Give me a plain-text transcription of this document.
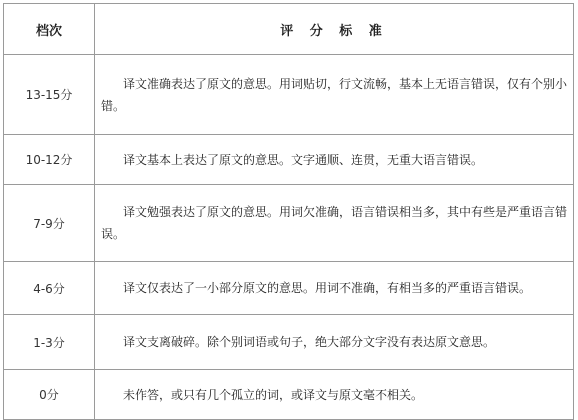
档次	评 分 标 准
13-15分	译文准确表达了原文的意思。用词贴切，行文流畅，基本上无语言错误，仅有个别小错。
10-12分	译文基本上表达了原文的意思。文字通顺、连贯，无重大语言错误。
7-9分	译文勉强表达了原文的意思。用词欠准确，语言错误相当多，其中有些是严重语言错误。
4-6分	译文仅表达了一小部分原文的意思。用词不准确，有相当多的严重语言错误。
1-3分	译文支离破碎。除个别词语或句子，绝大部分文字没有表达原文意思。
0分	未作答，或只有几个孤立的词，或译文与原文毫不相关。
